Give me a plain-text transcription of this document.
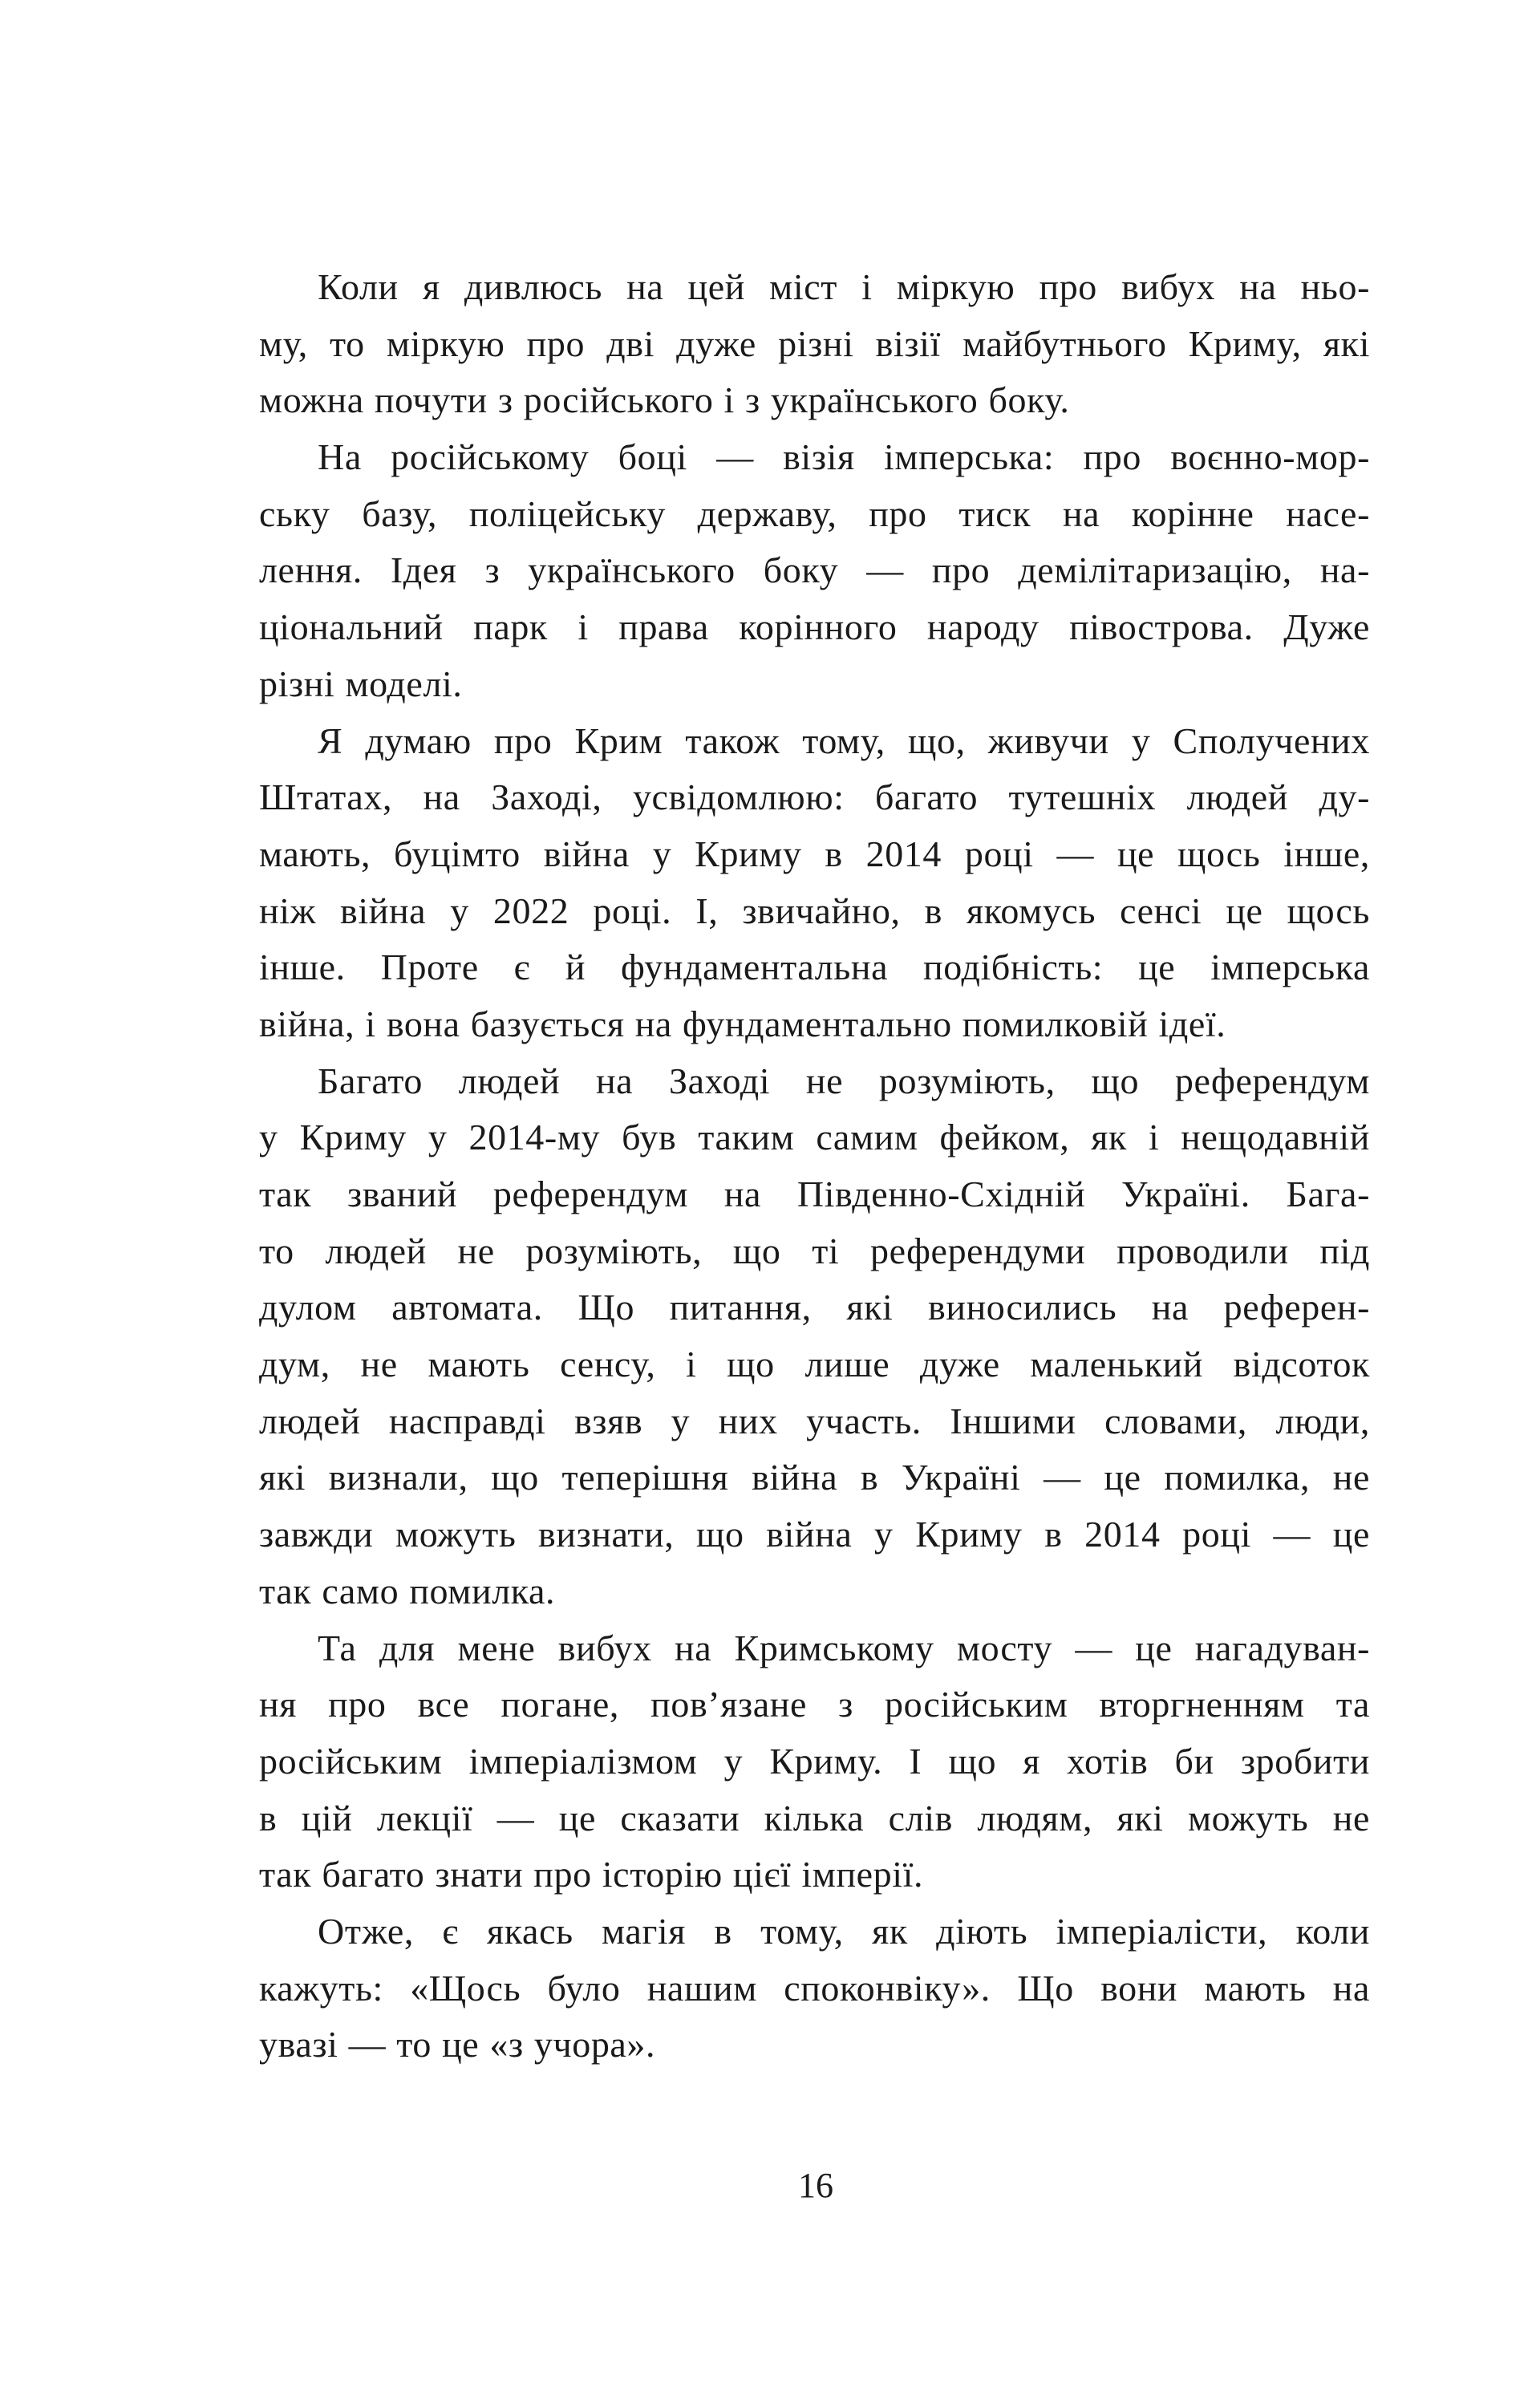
Коли я дивлюсь на цей міст і міркую про вибух на ньо-
му, то міркую про дві дуже різні візії майбутнього Криму, які
можна почути з російського і з українського боку.
На російському боці — візія імперська: про воєнно-мор-
ську базу, поліцейську державу, про тиск на корінне насе-
лення. Ідея з українського боку — про демілітаризацію, на-
ціональний парк і права корінного народу півострова. Дуже
різні моделі.
Я думаю про Крим також тому, що, живучи у Сполучених
Штатах, на Заході, усвідомлюю: багато тутешніх людей ду-
мають, буцімто війна у Криму в 2014 році — це щось інше,
ніж війна у 2022 році. І, звичайно, в якомусь сенсі це щось
інше. Проте є й фундаментальна подібність: це імперська
війна, і вона базується на фундаментально помилковій ідеї.
Багато людей на Заході не розуміють, що референдум
у Криму у 2014-му був таким самим фейком, як і нещодавній
так званий референдум на Південно-Східній Україні. Бага-
то людей не розуміють, що ті референдуми проводили під
дулом автомата. Що питання, які виносились на референ-
дум, не мають сенсу, і що лише дуже маленький відсоток
людей насправді взяв у них участь. Іншими словами, люди,
які визнали, що теперішня війна в Україні — це помилка, не
завжди можуть визнати, що війна у Криму в 2014 році — це
так само помилка.
Та для мене вибух на Кримському мосту — це нагадуван-
ня про все погане, пов’язане з російським вторгненням та
російським імперіалізмом у Криму. І що я хотів би зробити
в цій лекції — це сказати кілька слів людям, які можуть не
так багато знати про історію цієї імперії.
Отже, є якась магія в тому, як діють імперіалісти, коли
кажуть: «Щось було нашим споконвіку». Що вони мають на
увазі — то це «з учора».
16
